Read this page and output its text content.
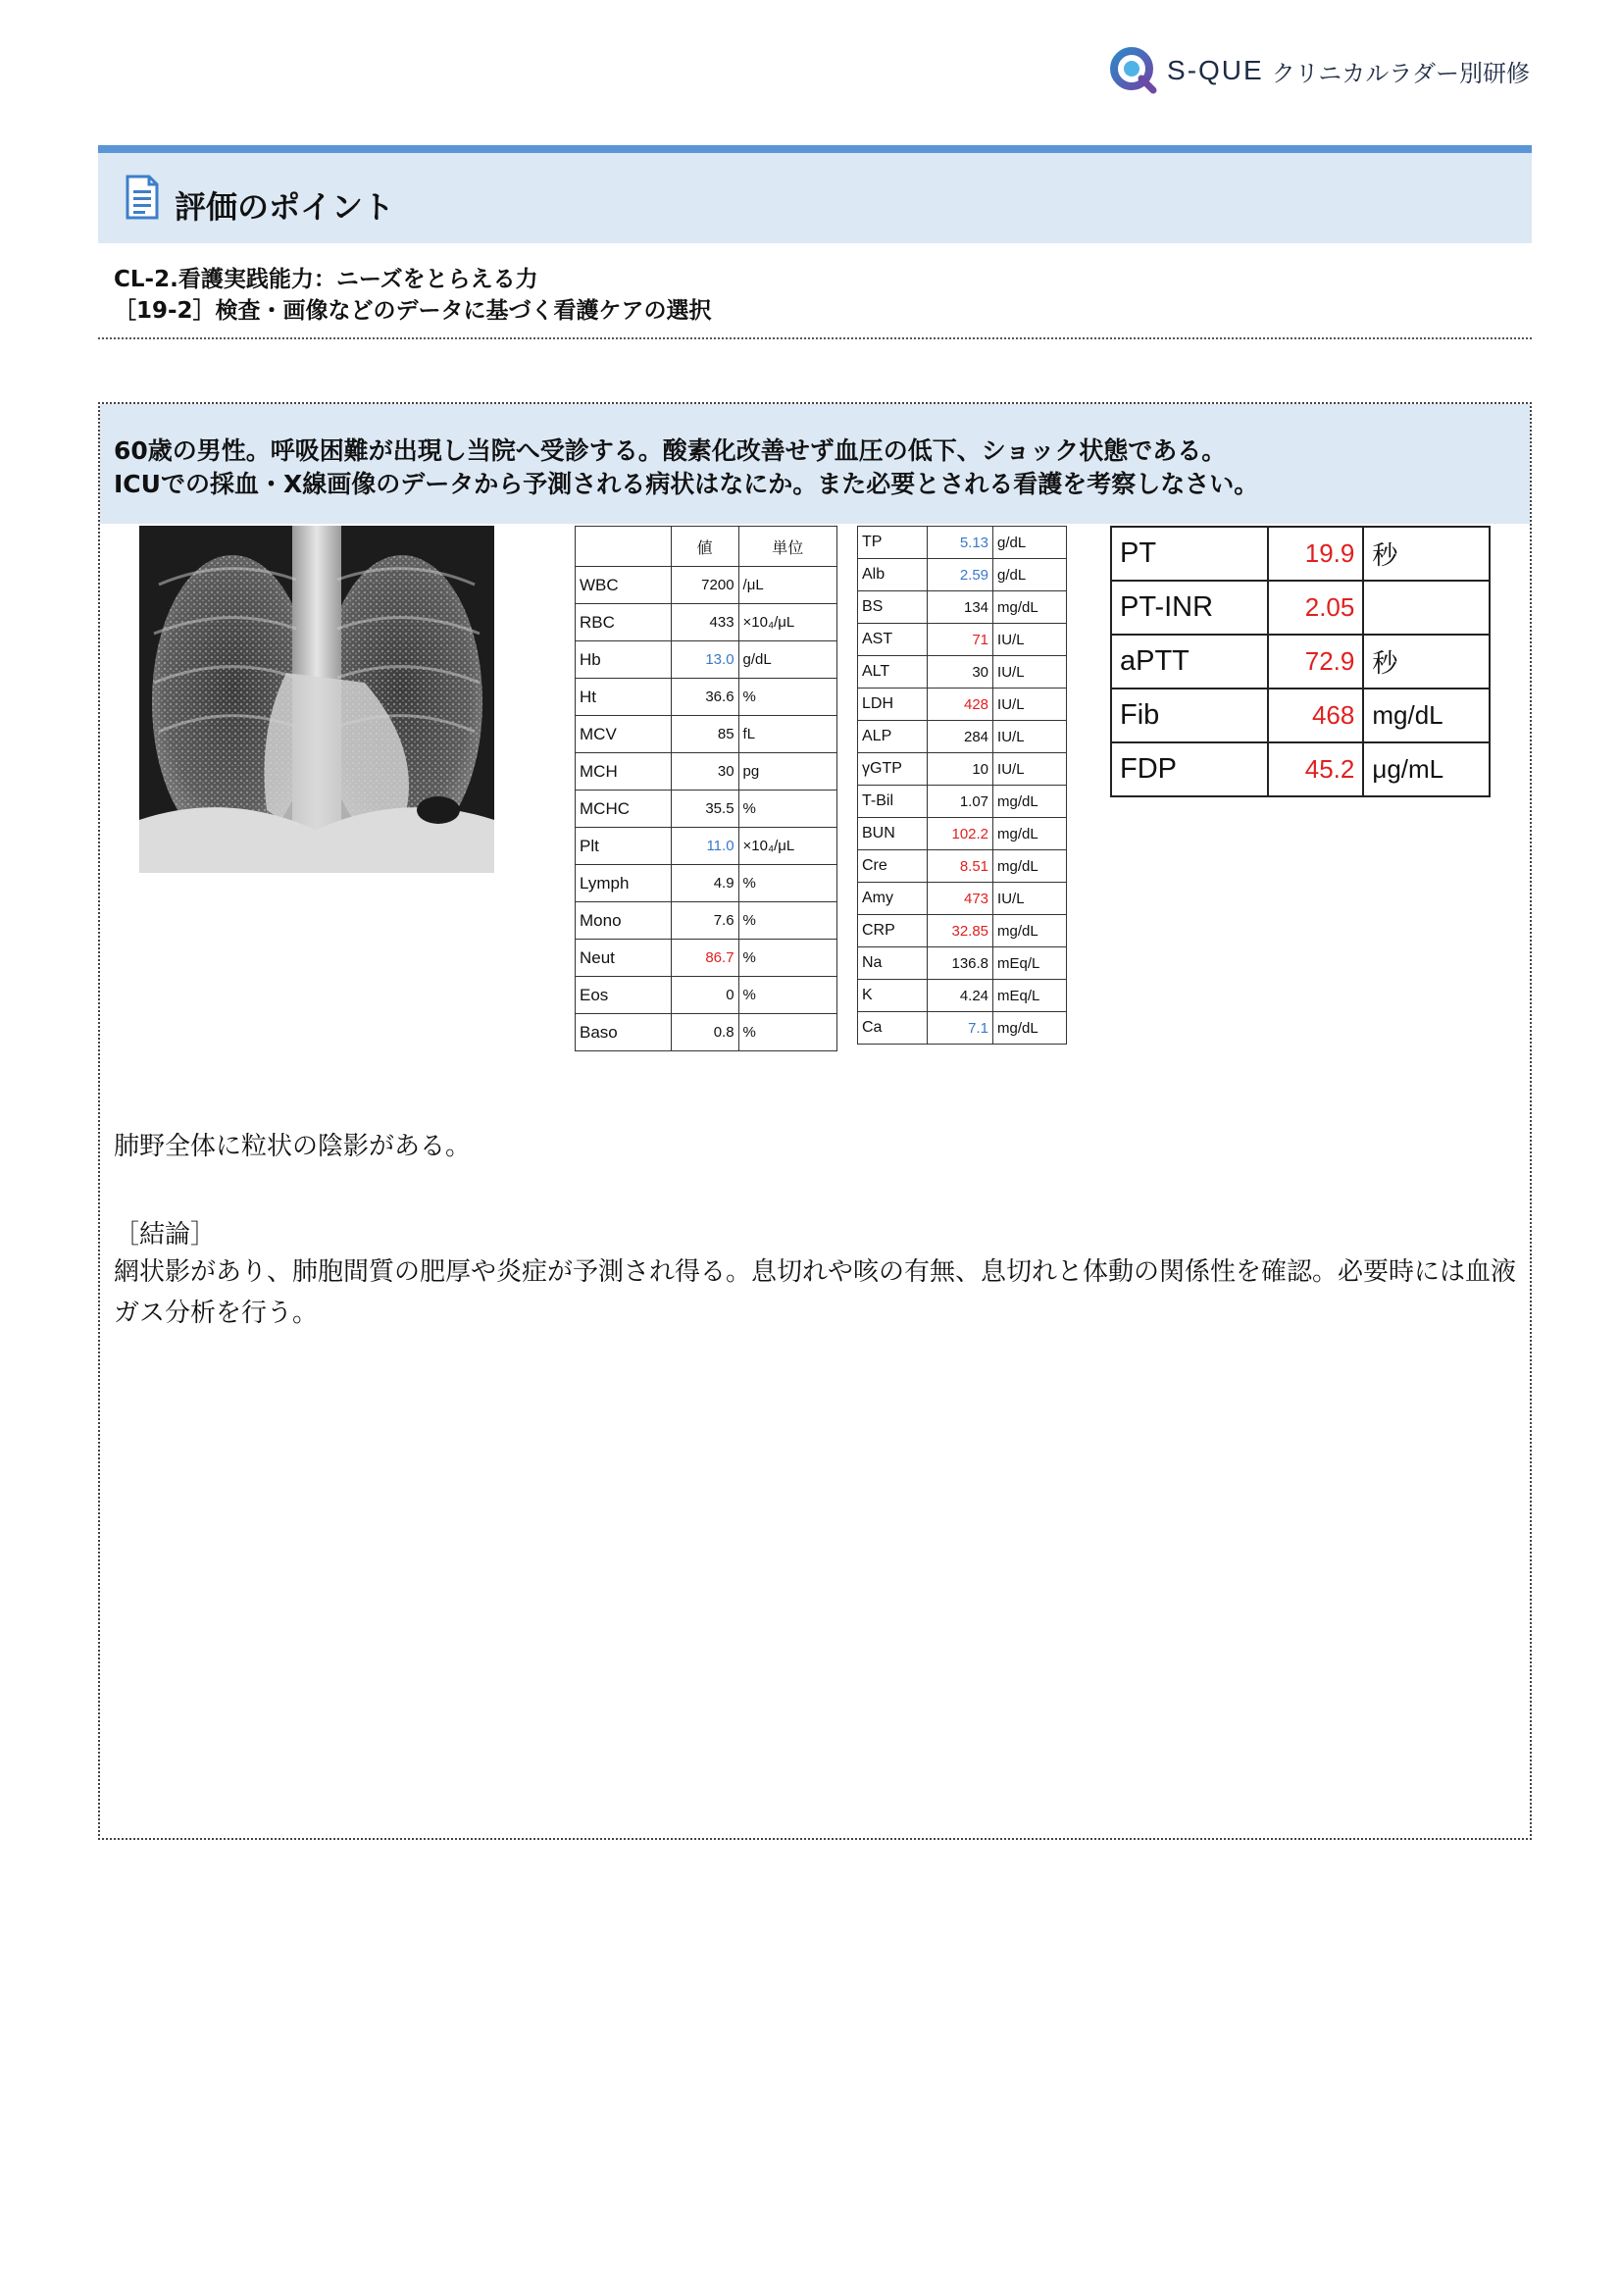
S-QUE クリニカルラダー別研修
評価のポイント
CL-2.看護実践能力：ニーズをとらえる力
［19-2］検査・画像などのデータに基づく看護ケアの選択
60歳の男性。呼吸困難が出現し当院へ受診する。酸素化改善せず血圧の低下、ショック状態である。
ICUでの採血・X線画像のデータから予測される病状はなにか。また必要とされる看護を考察しなさい。
	値	単位
WBC	7200	/μL
RBC	433	×10₄/μL
Hb	13.0	g/dL
Ht	36.6	%
MCV	85	fL
MCH	30	pg
MCHC	35.5	%
Plt	11.0	×10₄/μL
Lymph	4.9	%
Mono	7.6	%
Neut	86.7	%
Eos	0	%
Baso	0.8	%
TP	5.13	g/dL
Alb	2.59	g/dL
BS	134	mg/dL
AST	71	IU/L
ALT	30	IU/L
LDH	428	IU/L
ALP	284	IU/L
γGTP	10	IU/L
T-Bil	1.07	mg/dL
BUN	102.2	mg/dL
Cre	8.51	mg/dL
Amy	473	IU/L
CRP	32.85	mg/dL
Na	136.8	mEq/L
K	4.24	mEq/L
Ca	7.1	mg/dL
PT	19.9	秒
PT-INR	2.05	
aPTT	72.9	秒
Fib	468	mg/dL
FDP	45.2	μg/mL
肺野全体に粒状の陰影がある。
［結論］
網状影があり、肺胞間質の肥厚や炎症が予測され得る。息切れや咳の有無、息切れと体動の関係性を確認。必要時には血液ガス分析を行う。
